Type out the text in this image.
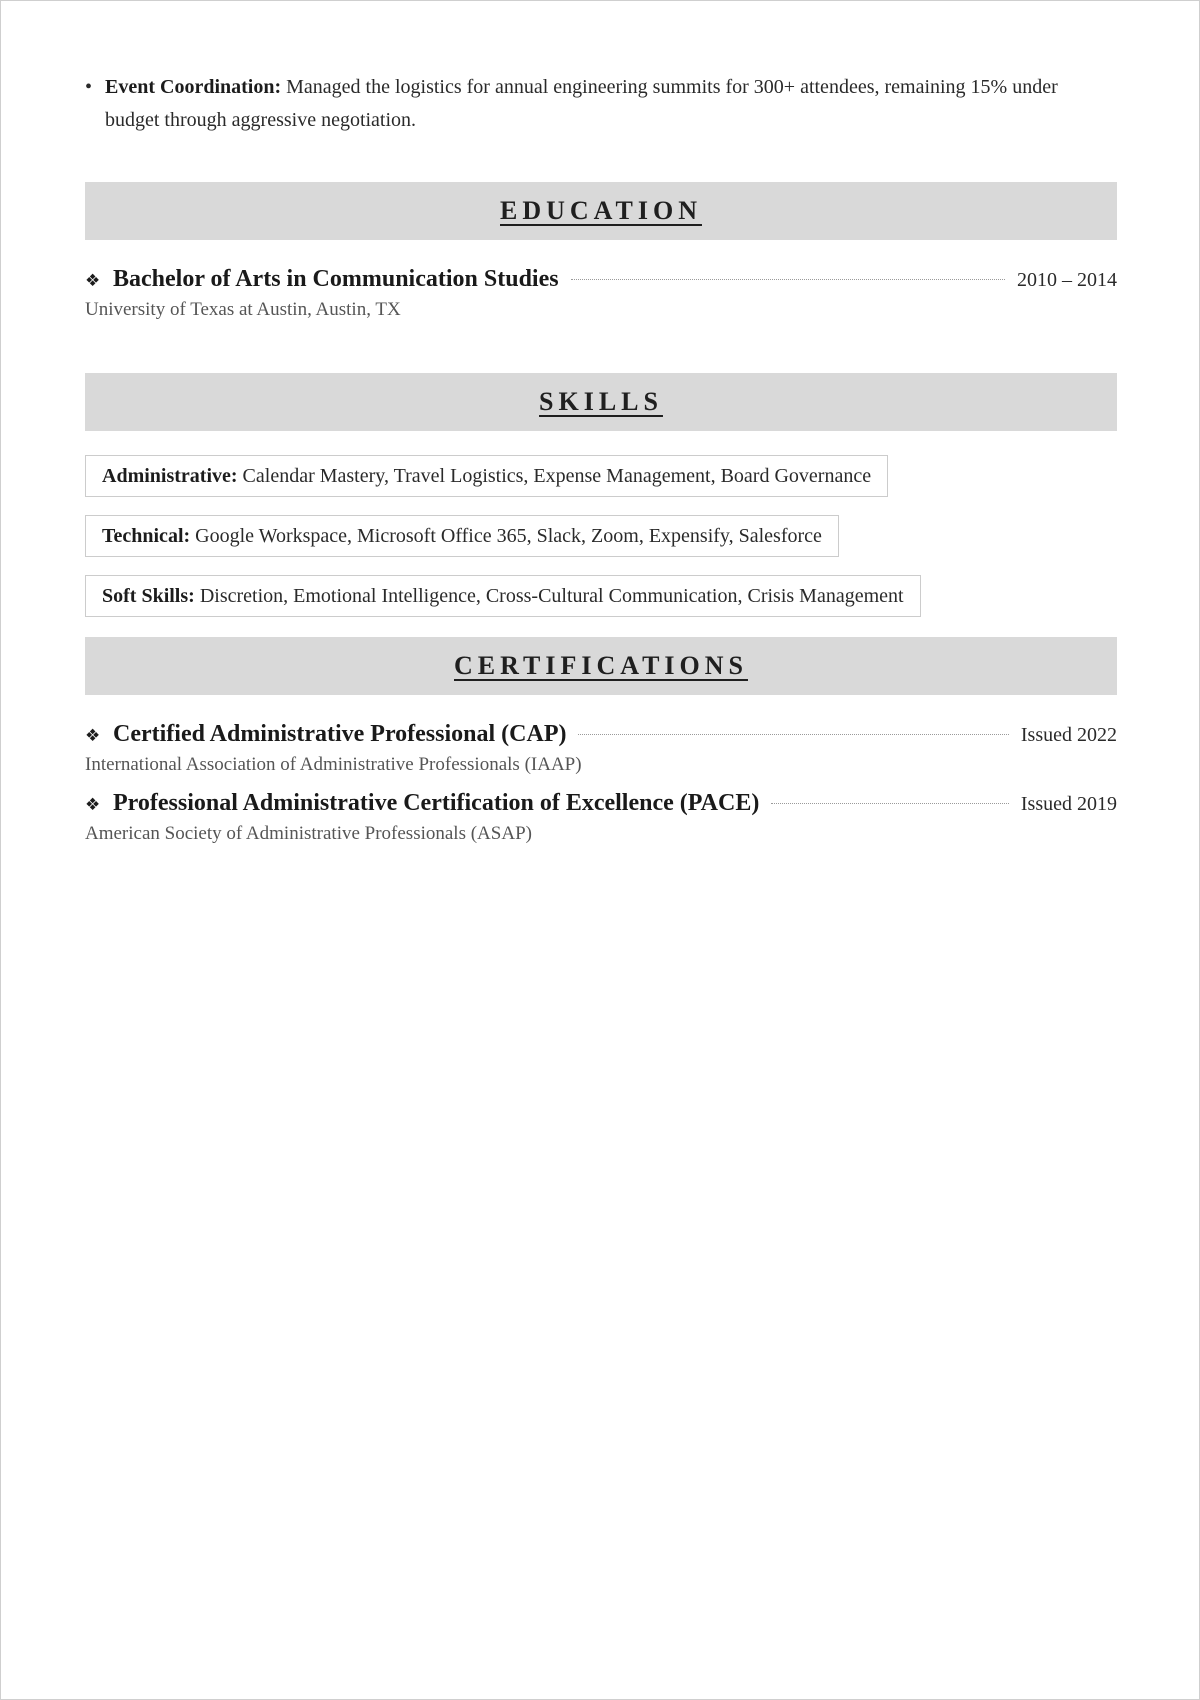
• Event Coordination: Managed the logistics for annual engineering summits for 300+ attendees, remaining 15% under budget through aggressive negotiation.
EDUCATION
❖ Bachelor of Arts in Communication Studies	2010 – 2014
University of Texas at Austin, Austin, TX
SKILLS
Administrative: Calendar Mastery, Travel Logistics, Expense Management, Board Governance
Technical: Google Workspace, Microsoft Office 365, Slack, Zoom, Expensify, Salesforce
Soft Skills: Discretion, Emotional Intelligence, Cross-Cultural Communication, Crisis Management
CERTIFICATIONS
❖ Certified Administrative Professional (CAP)	Issued 2022
International Association of Administrative Professionals (IAAP)
❖ Professional Administrative Certification of Excellence (PACE)	Issued 2019
American Society of Administrative Professionals (ASAP)
